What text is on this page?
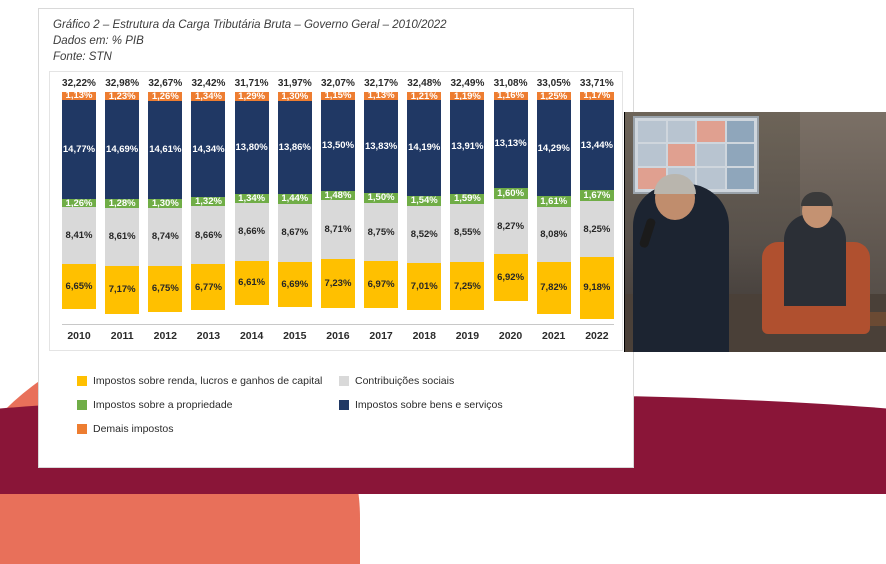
Gráfico 2 – Estrutura da Carga Tributária Bruta – Governo Geral – 2010/2022
Dados em: % PIB
Fonte: STN
32,22%
1,13%
14,77%
1,26%
8,41%
6,65%
32,98%
1,23%
14,69%
1,28%
8,61%
7,17%
32,67%
1,26%
14,61%
1,30%
8,74%
6,75%
32,42%
1,34%
14,34%
1,32%
8,66%
6,77%
31,71%
1,29%
13,80%
1,34%
8,66%
6,61%
31,97%
1,30%
13,86%
1,44%
8,67%
6,69%
32,07%
1,15%
13,50%
1,48%
8,71%
7,23%
32,17%
1,13%
13,83%
1,50%
8,75%
6,97%
32,48%
1,21%
14,19%
1,54%
8,52%
7,01%
32,49%
1,19%
13,91%
1,59%
8,55%
7,25%
31,08%
1,16%
13,13%
1,60%
8,27%
6,92%
33,05%
1,25%
14,29%
1,61%
8,08%
7,82%
33,71%
1,17%
13,44%
1,67%
8,25%
9,18%
2010	2011	2012	2013	2014	2015	2016	2017	2018	2019	2020	2021	2022
Impostos sobre renda, lucros e ganhos de capital	Contribuições sociais
Impostos sobre a propriedade	Impostos sobre bens e serviços
Demais impostos
